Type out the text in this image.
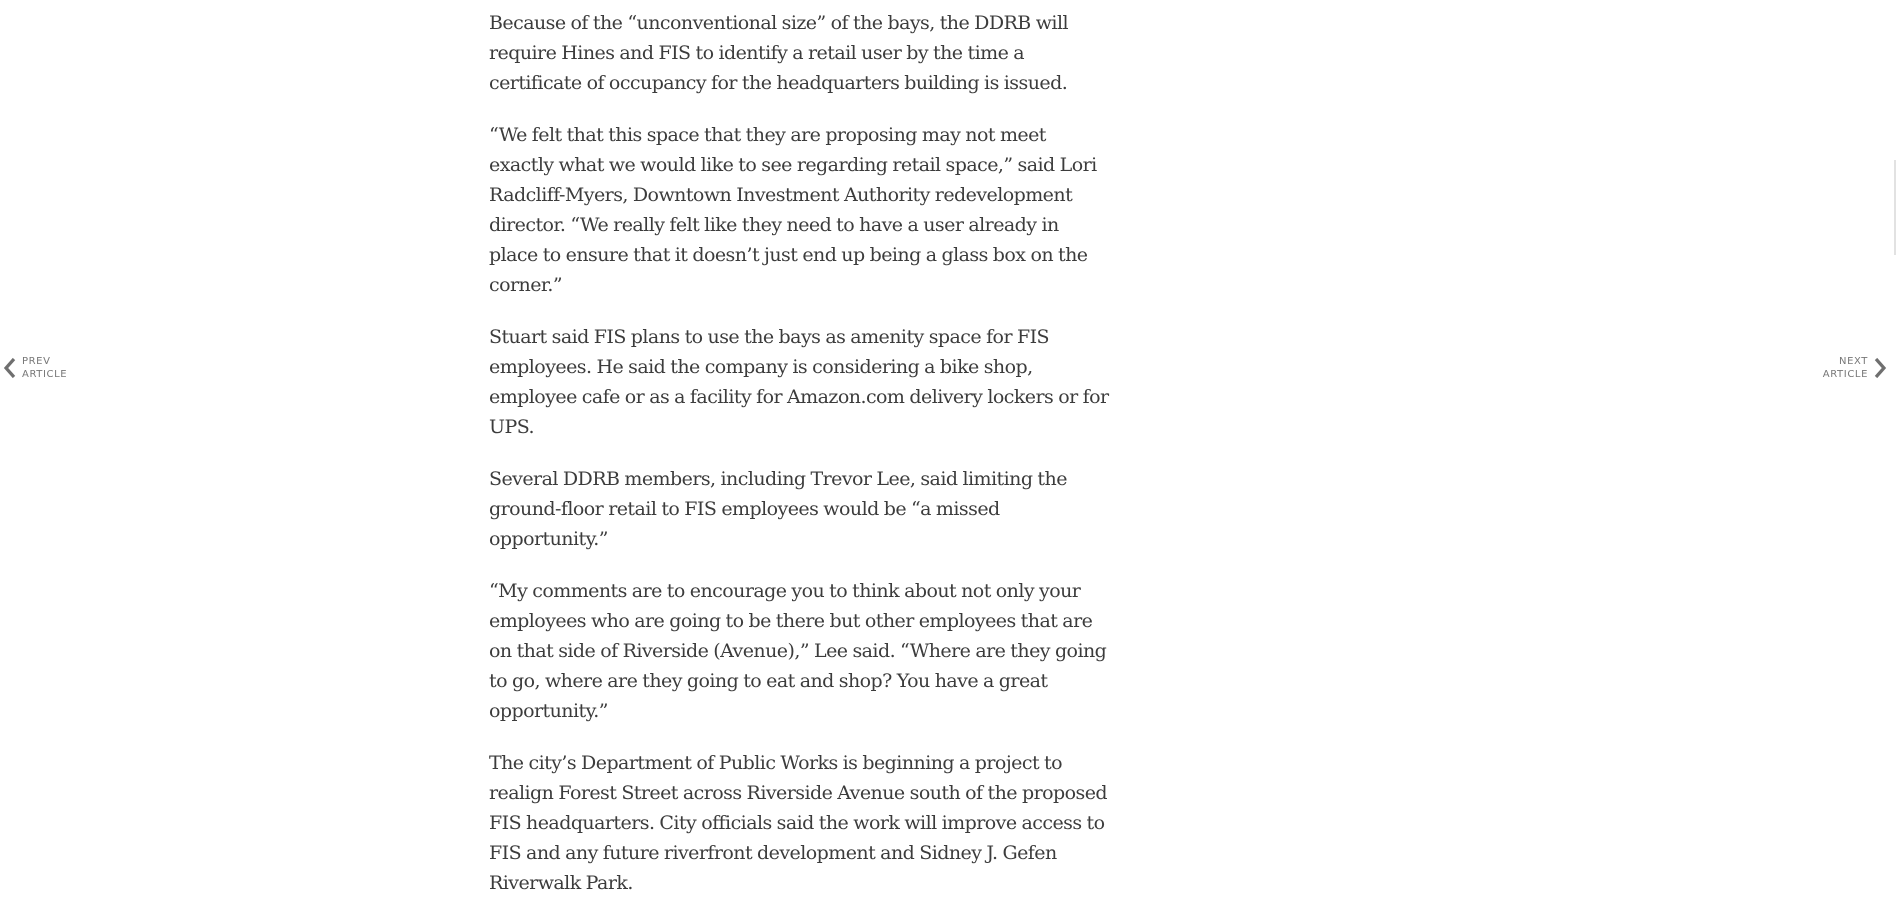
PREV
ARTICLE

Because of the “unconventional size” of the bays, the DDRB will require Hines and FIS to identify a retail user by the time a certificate of occupancy for the headquarters building is issued.

“We felt that this space that they are proposing may not meet exactly what we would like to see regarding retail space,” said Lori Radcliff-Myers, Downtown Investment Authority redevelopment director. “We really felt like they need to have a user already in place to ensure that it doesn’t just end up being a glass box on the corner.”

Stuart said FIS plans to use the bays as amenity space for FIS employees. He said the company is considering a bike shop, employee cafe or as a facility for Amazon.com delivery lockers or for UPS.

Several DDRB members, including Trevor Lee, said limiting the ground-floor retail to FIS employees would be “a missed opportunity.”

“My comments are to encourage you to think about not only your employees who are going to be there but other employees that are on that side of Riverside (Avenue),” Lee said. “Where are they going to go, where are they going to eat and shop? You have a great opportunity.”

The city’s Department of Public Works is beginning a project to realign Forest Street across Riverside Avenue south of the proposed FIS headquarters. City officials said the work will improve access to FIS and any future riverfront development and Sidney J. Gefen Riverwalk Park.

NEXT
ARTICLE
